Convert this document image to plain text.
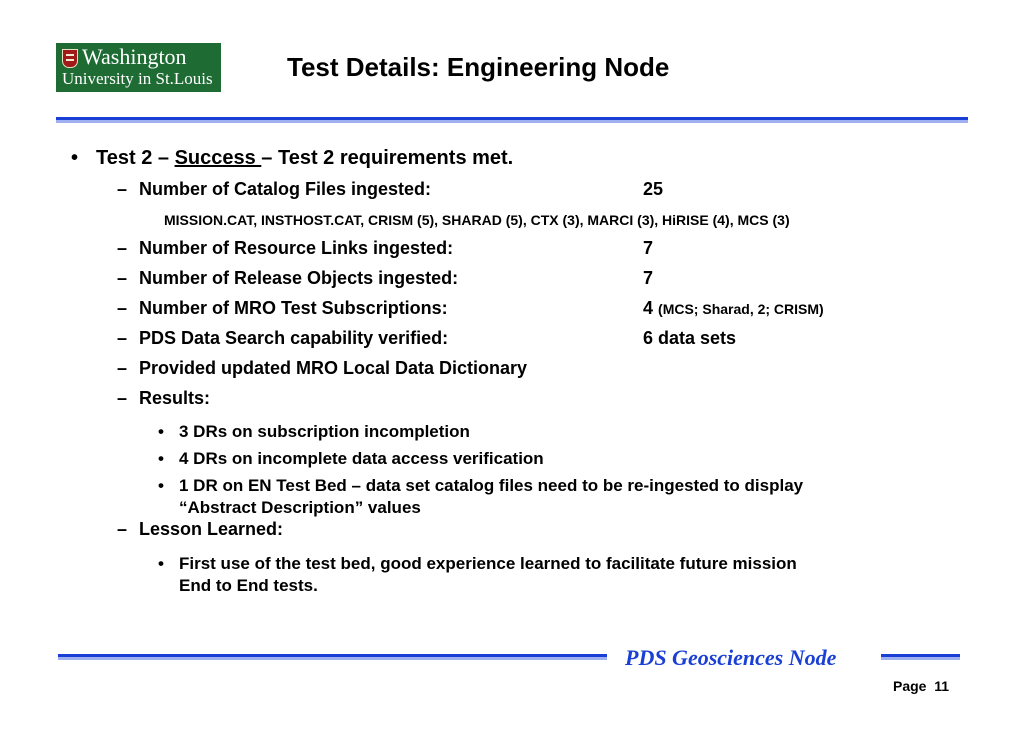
Washington
University in St.Louis	Test Details: Engineering Node
• Test 2 – Success – Test 2 requirements met.
– Number of Catalog Files ingested:	25
MISSION.CAT, INSTHOST.CAT, CRISM (5), SHARAD (5), CTX (3), MARCI (3), HiRISE (4), MCS (3)
– Number of Resource Links ingested:	7
– Number of Release Objects ingested:	7
– Number of MRO Test Subscriptions:	4 (MCS; Sharad, 2; CRISM)
– PDS Data Search capability verified:	6 data sets
– Provided updated MRO Local Data Dictionary
– Results:
• 3 DRs on subscription incompletion
• 4 DRs on incomplete data access verification
• 1 DR on EN Test Bed – data set catalog files need to be re-ingested to display
“Abstract Description” values
– Lesson Learned:
• First use of the test bed, good experience learned to facilitate future mission
End to End tests.
PDS Geosciences Node
Page 11
